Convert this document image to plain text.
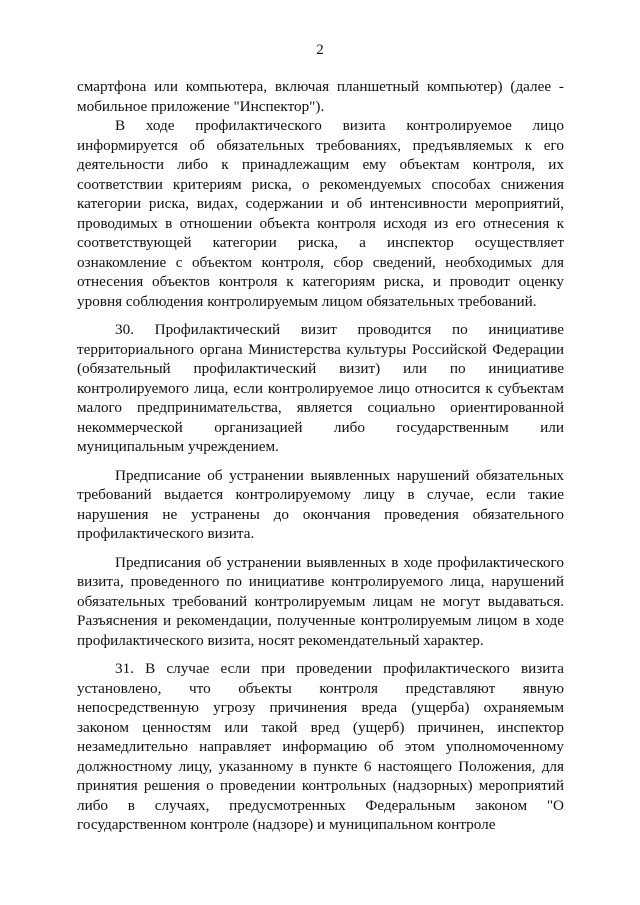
2

смартфона или компьютера, включая планшетный компьютер) (далее - мобильное приложение "Инспектор").

В ходе профилактического визита контролируемое лицо информируется об обязательных требованиях, предъявляемых к его деятельности либо к принадлежащим ему объектам контроля, их соответствии критериям риска, о рекомендуемых способах снижения категории риска, видах, содержании и об интенсивности мероприятий, проводимых в отношении объекта контроля исходя из его отнесения к соответствующей категории риска, а инспектор осуществляет ознакомление с объектом контроля, сбор сведений, необходимых для отнесения объектов контроля к категориям риска, и проводит оценку уровня соблюдения контролируемым лицом обязательных требований.

30. Профилактический визит проводится по инициативе территориального органа Министерства культуры Российской Федерации (обязательный профилактический визит) или по инициативе контролируемого лица, если контролируемое лицо относится к субъектам малого предпринимательства, является социально ориентированной некоммерческой организацией либо государственным или муниципальным учреждением.

Предписание об устранении выявленных нарушений обязательных требований выдается контролируемому лицу в случае, если такие нарушения не устранены до окончания проведения обязательного профилактического визита.

Предписания об устранении выявленных в ходе профилактического визита, проведенного по инициативе контролируемого лица, нарушений обязательных требований контролируемым лицам не могут выдаваться. Разъяснения и рекомендации, полученные контролируемым лицом в ходе профилактического визита, носят рекомендательный характер.

31. В случае если при проведении профилактического визита установлено, что объекты контроля представляют явную непосредственную угрозу причинения вреда (ущерба) охраняемым законом ценностям или такой вред (ущерб) причинен, инспектор незамедлительно направляет информацию об этом уполномоченному должностному лицу, указанному в пункте 6 настоящего Положения, для принятия решения о проведении контрольных (надзорных) мероприятий либо в случаях, предусмотренных Федеральным законом "О государственном контроле (надзоре) и муниципальном контроле
